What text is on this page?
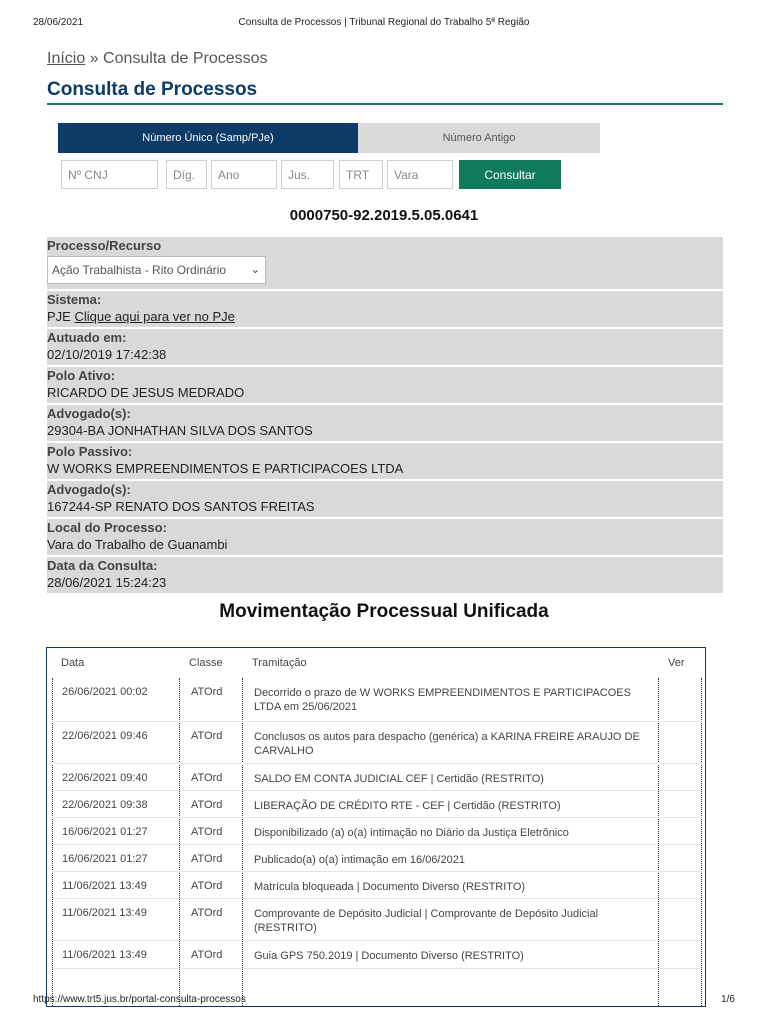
28/06/2021	Consulta de Processos | Tribunal Regional do Trabalho 5ª Região
Início » Consulta de Processos
Consulta de Processos
Número Único (Samp/PJe)	Número Antigo
Nº CNJ
Díg.
Ano
Jus.
TRT
Vara
Consultar
0000750-92.2019.5.05.0641
Processo/Recurso
Ação Trabalhista - Rito Ordinário ⌄
Sistema:
PJE Clique aqui para ver no PJe
Autuado em:
02/10/2019 17:42:38
Polo Ativo:
RICARDO DE JESUS MEDRADO
Advogado(s):
29304-BA JONHATHAN SILVA DOS SANTOS
Polo Passivo:
W WORKS EMPREENDIMENTOS E PARTICIPACOES LTDA
Advogado(s):
167244-SP RENATO DOS SANTOS FREITAS
Local do Processo:
Vara do Trabalho de Guanambi
Data da Consulta:
28/06/2021 15:24:23
Movimentação Processual Unificada
Data	Classe	Tramitação	Ver
26/06/2021 00:02	ATOrd	Decorrido o prazo de W WORKS EMPREENDIMENTOS E PARTICIPACOES LTDA em 25/06/2021
22/06/2021 09:46	ATOrd	Conclusos os autos para despacho (genérica) a KARINA FREIRE ARAUJO DE CARVALHO
22/06/2021 09:40	ATOrd	SALDO EM CONTA JUDICIAL CEF | Certidão (RESTRITO)
22/06/2021 09:38	ATOrd	LIBERAÇÃO DE CRÉDITO RTE - CEF | Certidão (RESTRITO)
16/06/2021 01:27	ATOrd	Disponibilizado (a) o(a) intimação no Diário da Justiça Eletrônico
16/06/2021 01:27	ATOrd	Publicado(a) o(a) intimação em 16/06/2021
11/06/2021 13:49	ATOrd	Matrícula bloqueada | Documento Diverso (RESTRITO)
11/06/2021 13:49	ATOrd	Comprovante de Depósito Judicial | Comprovante de Depósito Judicial (RESTRITO)
11/06/2021 13:49	ATOrd	Guia GPS 750.2019 | Documento Diverso (RESTRITO)
https://www.trt5.jus.br/portal-consulta-processos	1/6
